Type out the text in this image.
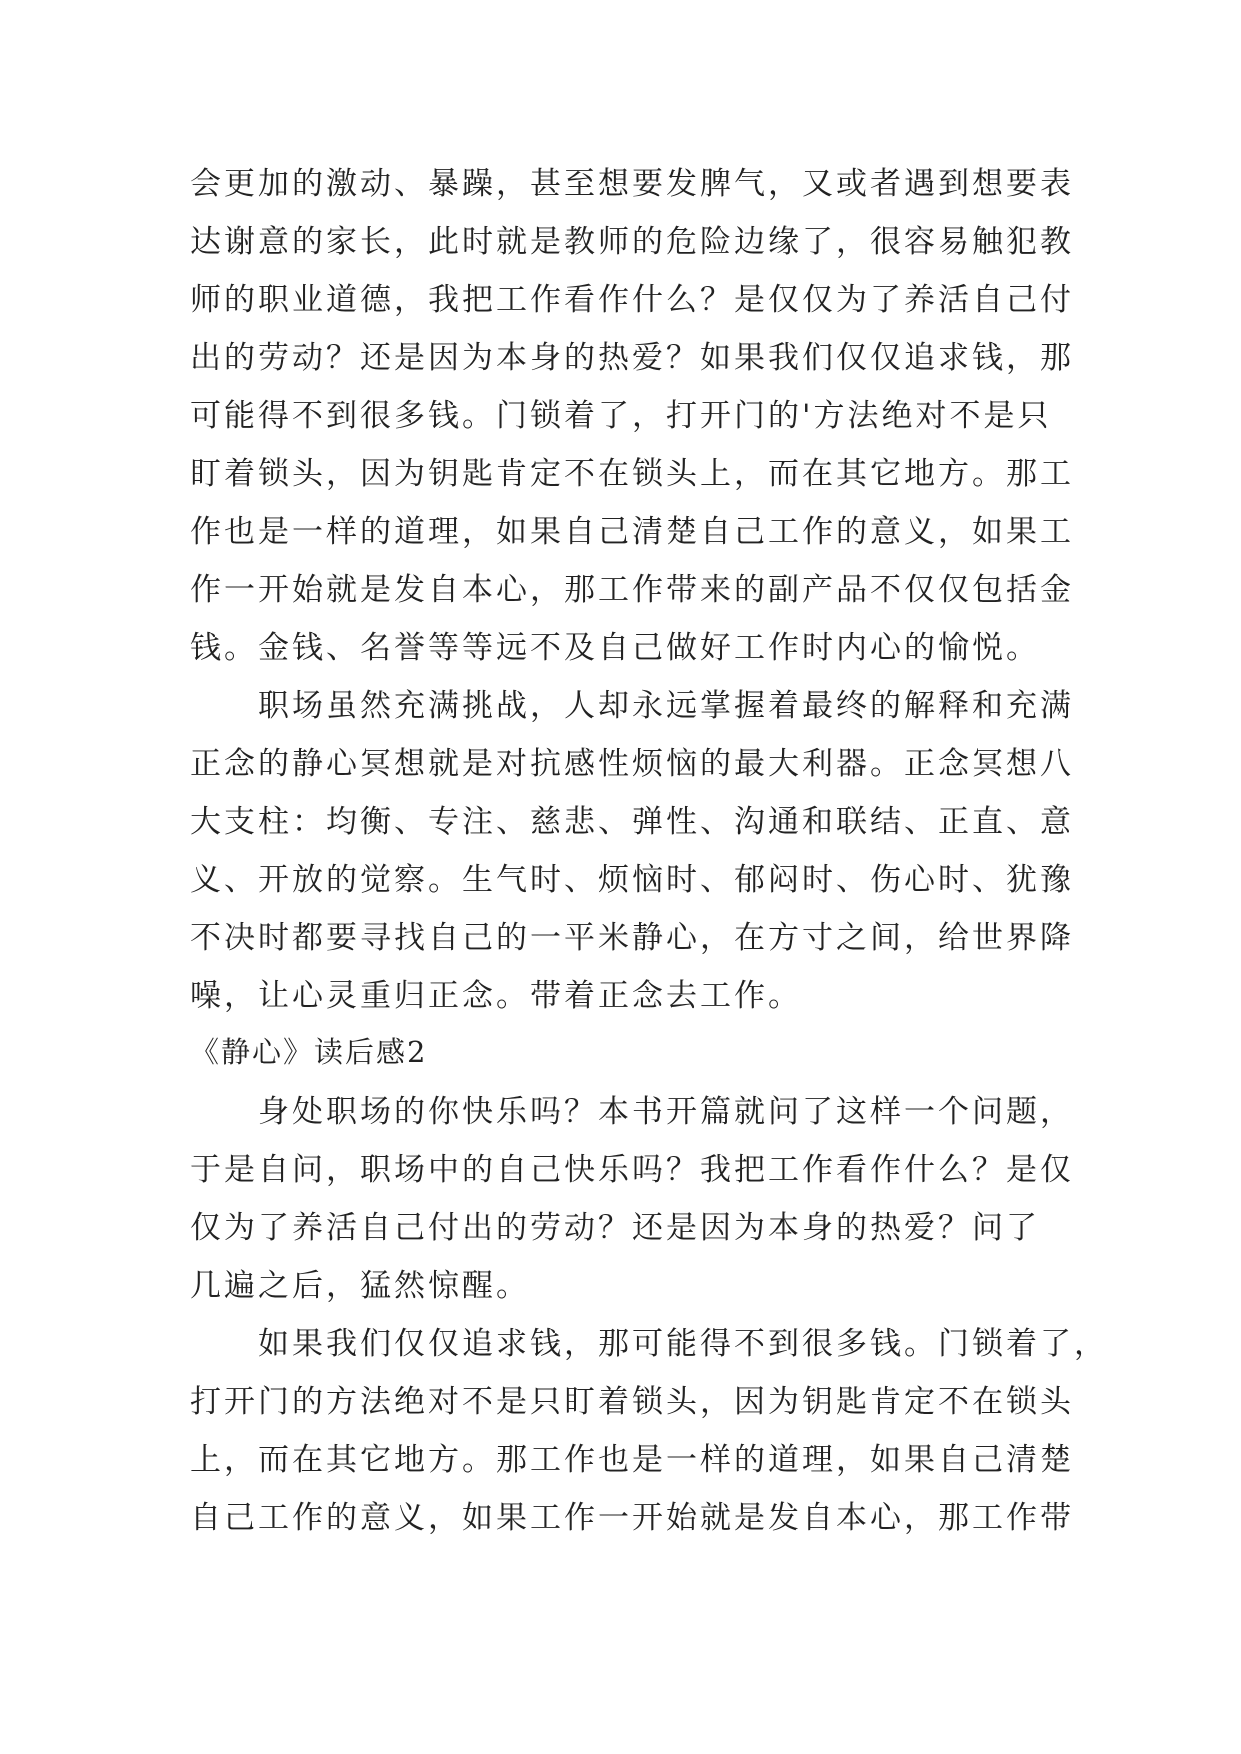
会更加的激动、暴躁，甚至想要发脾气，又或者遇到想要表
达谢意的家长，此时就是教师的危险边缘了，很容易触犯教
师的职业道德，我把工作看作什么？是仅仅为了养活自己付
出的劳动？还是因为本身的热爱？如果我们仅仅追求钱，那
可能得不到很多钱。门锁着了，打开门的'方法绝对不是只
盯着锁头，因为钥匙肯定不在锁头上，而在其它地方。那工
作也是一样的道理，如果自己清楚自己工作的意义，如果工
作一开始就是发自本心，那工作带来的副产品不仅仅包括金
钱。金钱、名誉等等远不及自己做好工作时内心的愉悦。
　　职场虽然充满挑战，人却永远掌握着最终的解释和充满
正念的静心冥想就是对抗感性烦恼的最大利器。正念冥想八
大支柱：均衡、专注、慈悲、弹性、沟通和联结、正直、意
义、开放的觉察。生气时、烦恼时、郁闷时、伤心时、犹豫
不决时都要寻找自己的一平米静心，在方寸之间，给世界降
噪，让心灵重归正念。带着正念去工作。
《静心》读后感2
　　身处职场的你快乐吗？本书开篇就问了这样一个问题，
于是自问，职场中的自己快乐吗？我把工作看作什么？是仅
仅为了养活自己付出的劳动？还是因为本身的热爱？问了
几遍之后，猛然惊醒。
　　如果我们仅仅追求钱，那可能得不到很多钱。门锁着了，
打开门的方法绝对不是只盯着锁头，因为钥匙肯定不在锁头
上，而在其它地方。那工作也是一样的道理，如果自己清楚
自己工作的意义，如果工作一开始就是发自本心，那工作带
